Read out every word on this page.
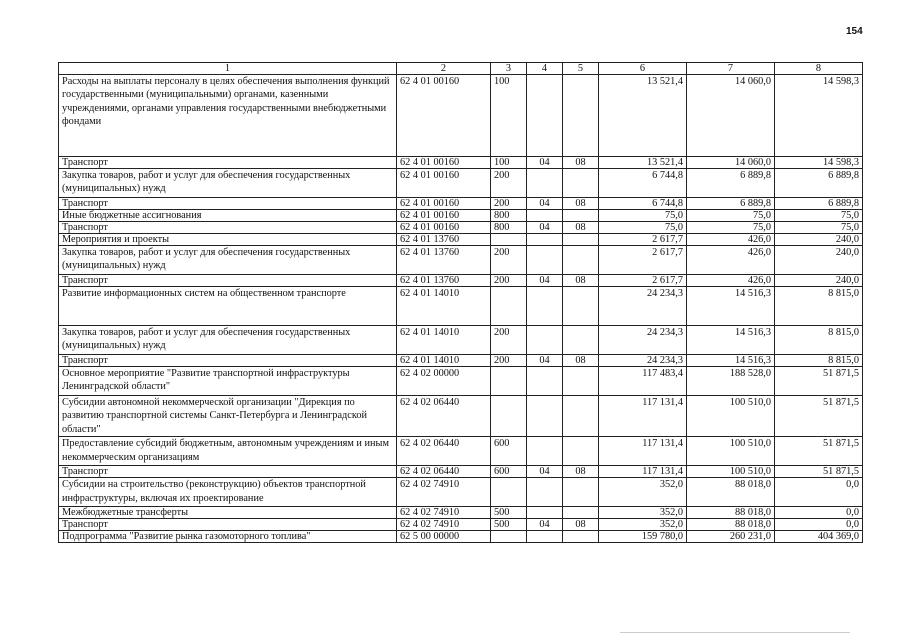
154
1	2	3	4	5	6	7	8
Расходы на выплаты персоналу в целях обеспечения выполнения функций государственными (муниципальными) органами, казенными учреждениями, органами управления государственными внебюджетными фондами	62 4 01 00160	100			13 521,4	14 060,0	14 598,3
Транспорт	62 4 01 00160	100	04	08	13 521,4	14 060,0	14 598,3
Закупка товаров, работ и услуг для обеспечения государственных (муниципальных) нужд	62 4 01 00160	200			6 744,8	6 889,8	6 889,8
Транспорт	62 4 01 00160	200	04	08	6 744,8	6 889,8	6 889,8
Иные бюджетные ассигнования	62 4 01 00160	800			75,0	75,0	75,0
Транспорт	62 4 01 00160	800	04	08	75,0	75,0	75,0
Мероприятия и проекты	62 4 01 13760				2 617,7	426,0	240,0
Закупка товаров, работ и услуг для обеспечения государственных (муниципальных) нужд	62 4 01 13760	200			2 617,7	426,0	240,0
Транспорт	62 4 01 13760	200	04	08	2 617,7	426,0	240,0
Развитие информационных систем на общественном транспорте	62 4 01 14010				24 234,3	14 516,3	8 815,0
Закупка товаров, работ и услуг для обеспечения государственных (муниципальных) нужд	62 4 01 14010	200			24 234,3	14 516,3	8 815,0
Транспорт	62 4 01 14010	200	04	08	24 234,3	14 516,3	8 815,0
Основное мероприятие "Развитие транспортной инфраструктуры Ленинградской области"	62 4 02 00000				117 483,4	188 528,0	51 871,5
Субсидии автономной некоммерческой организации "Дирекция по развитию транспортной системы Санкт-Петербурга и Ленинградской области"	62 4 02 06440				117 131,4	100 510,0	51 871,5
Предоставление субсидий бюджетным, автономным учреждениям и иным некоммерческим организациям	62 4 02 06440	600			117 131,4	100 510,0	51 871,5
Транспорт	62 4 02 06440	600	04	08	117 131,4	100 510,0	51 871,5
Субсидии на строительство (реконструкцию) объектов транспортной инфраструктуры, включая их проектирование	62 4 02 74910				352,0	88 018,0	0,0
Межбюджетные трансферты	62 4 02 74910	500			352,0	88 018,0	0,0
Транспорт	62 4 02 74910	500	04	08	352,0	88 018,0	0,0
Подпрограмма "Развитие рынка газомоторного топлива"	62 5 00 00000				159 780,0	260 231,0	404 369,0
